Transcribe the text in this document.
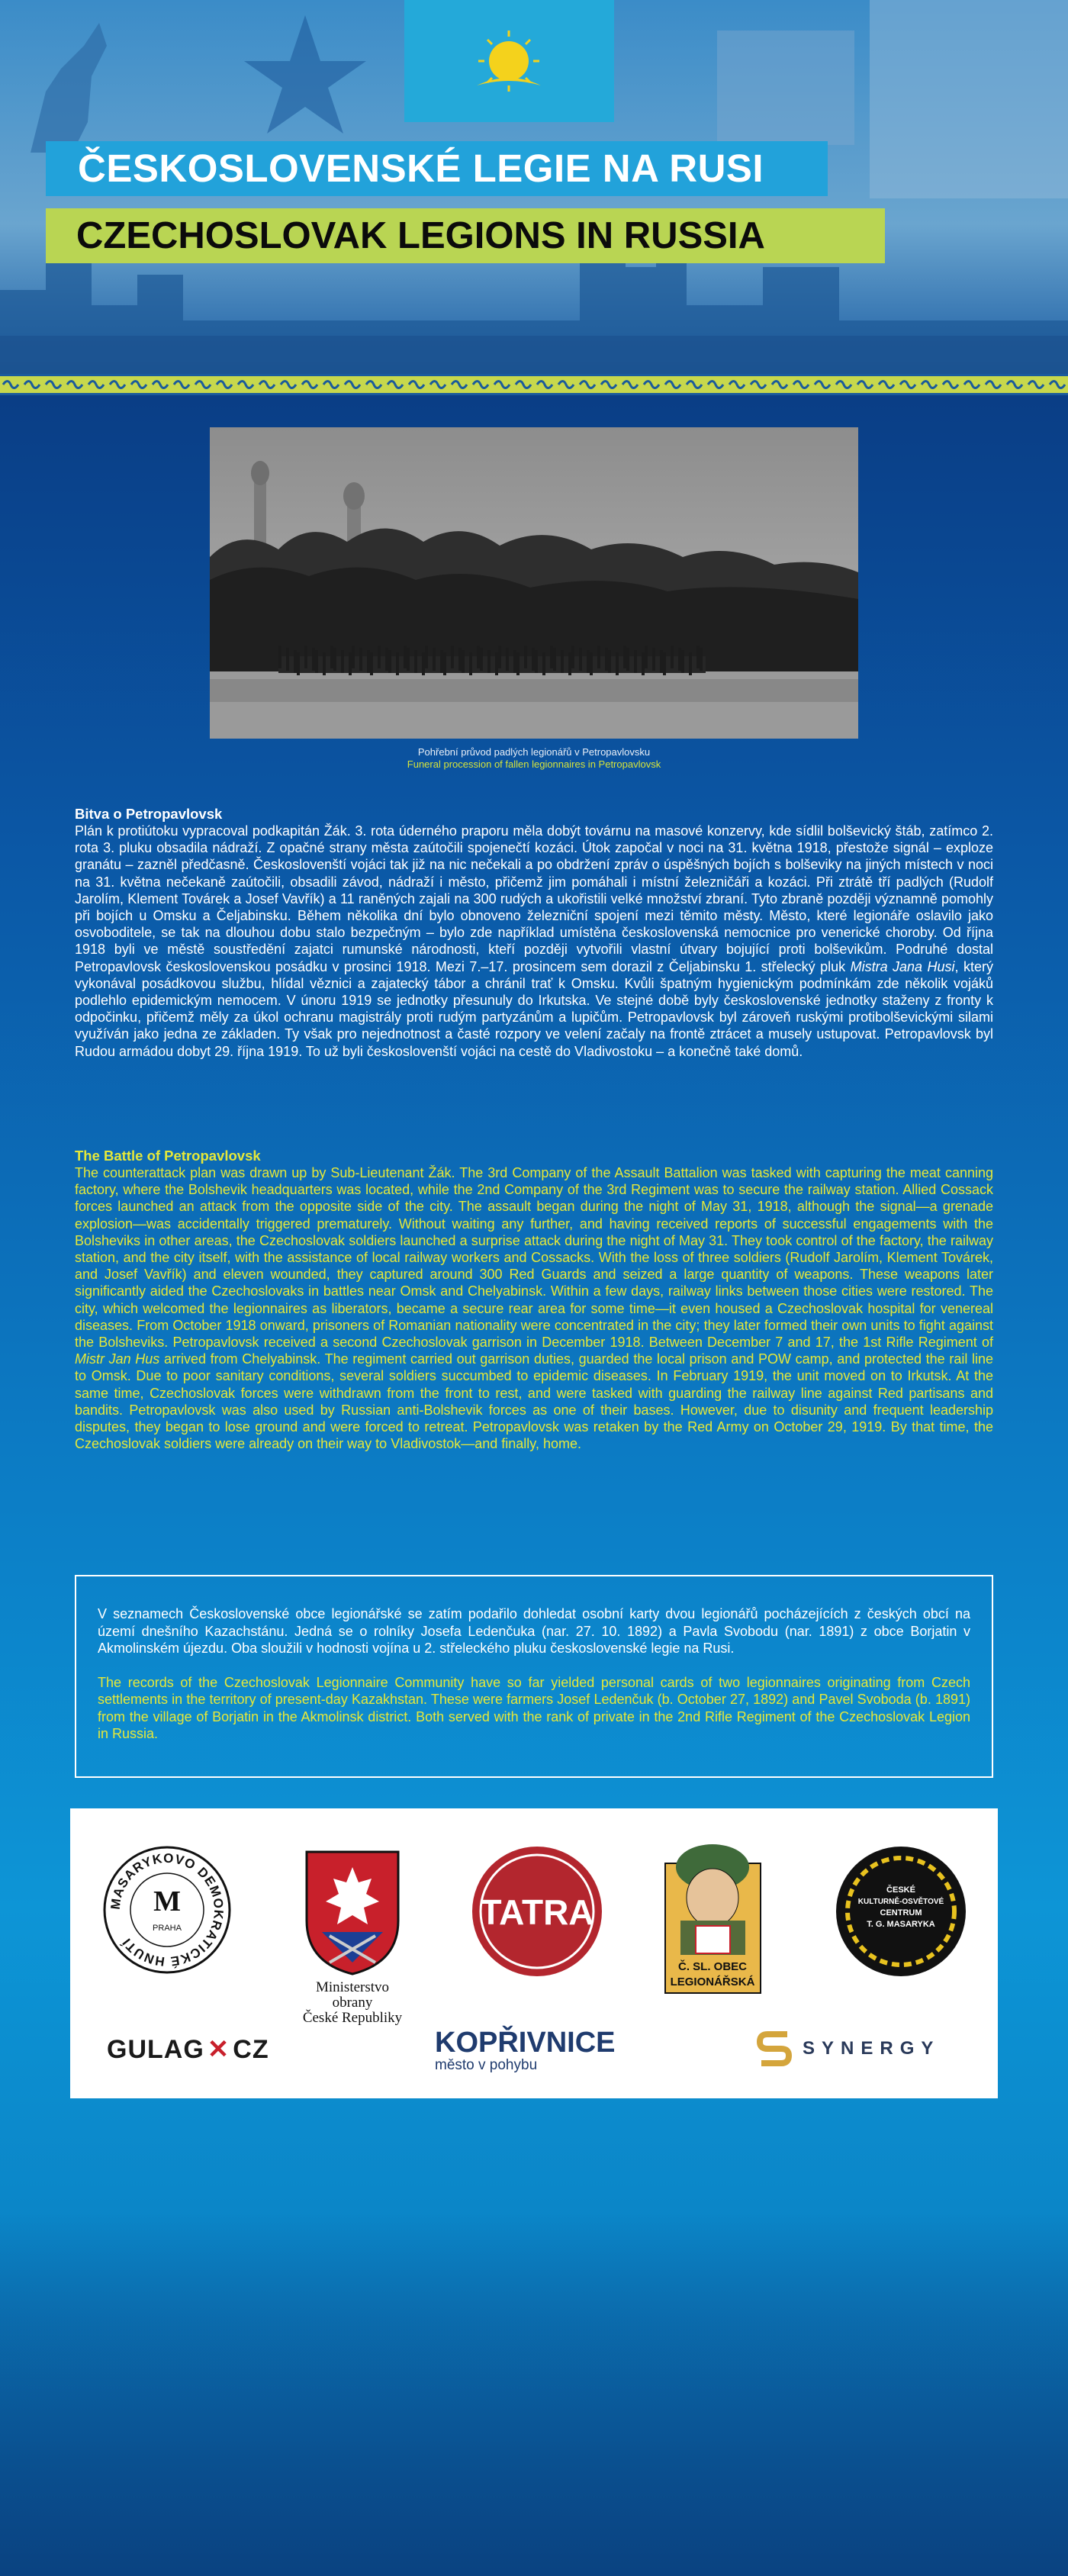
ČESKOSLOVENSKÉ LEGIE NA RUSI
CZECHOSLOVAK LEGIONS IN RUSSIA
Pohřební průvod padlých legionářů v Petropavlovsku
Funeral procession of fallen legionnaires in Petropavlovsk
Bitva o Petropavlovsk

Plán k protiútoku vypracoval podkapitán Žák. 3. rota úderného praporu měla dobýt továrnu na masové konzervy, kde sídlil bolševický štáb, zatímco 2. rota 3. pluku obsadila nádraží. Z opačné strany města zaútočili spojenečtí kozáci. Útok započal v noci na 31. května 1918, přestože signál – exploze granátu – zazněl předčasně. Českoslovenští vojáci tak již na nic nečekali a po obdržení zpráv o úspěšných bojích s bolševiky na jiných místech v noci na 31. května nečekaně zaútočili, obsadili závod, nádraží i město, přičemž jim pomáhali i místní železničáři a kozáci. Při ztrátě tří padlých (Rudolf Jarolím, Klement Továrek a Josef Vavřík) a 11 raněných zajali na 300 rudých a ukořistili velké množství zbraní. Tyto zbraně později významně pomohly při bojích u Omsku a Čeljabinsku. Během několika dní bylo obnoveno železniční spojení mezi těmito městy. Město, které legionáře oslavilo jako osvoboditele, se tak na dlouhou dobu stalo bezpečným – bylo zde například umístěna československá nemocnice pro venerické choroby. Od října 1918 byli ve městě soustředění zajatci rumunské národnosti, kteří později vytvořili vlastní útvary bojující proti bolševikům. Podruhé dostal Petropavlovsk československou posádku v prosinci 1918. Mezi 7.–17. prosincem sem dorazil z Čeljabinsku 1. střelecký pluk Mistra Jana Husi, který vykonával posádkovou službu, hlídal věznici a zajatecký tábor a chránil trať k Omsku. Kvůli špatným hygienickým podmínkám zde několik vojáků podlehlo epidemickým nemocem. V únoru 1919 se jednotky přesunuly do Irkutska. Ve stejné době byly československé jednotky staženy z fronty k odpočinku, přičemž měly za úkol ochranu magistrály proti rudým partyzánům a lupičům. Petropavlovsk byl zároveň ruskými protibolševickými silami využíván jako jedna ze základen. Ty však pro nejednotnost a časté rozpory ve velení začaly na frontě ztrácet a musely ustupovat. Petropavlovsk byl Rudou armádou dobyt 29. října 1919. To už byli českoslovenští vojáci na cestě do Vladivostoku – a konečně také domů.

The Battle of Petropavlovsk

The counterattack plan was drawn up by Sub-Lieutenant Žák. The 3rd Company of the Assault Battalion was tasked with capturing the meat canning factory, where the Bolshevik headquarters was located, while the 2nd Company of the 3rd Regiment was to secure the railway station. Allied Cossack forces launched an attack from the opposite side of the city. The assault began during the night of May 31, 1918, although the signal—a grenade explosion—was accidentally triggered prematurely. Without waiting any further, and having received reports of successful engagements with the Bolsheviks in other areas, the Czechoslovak soldiers launched a surprise attack during the night of May 31. They took control of the factory, the railway station, and the city itself, with the assistance of local railway workers and Cossacks. With the loss of three soldiers (Rudolf Jarolím, Klement Továrek, and Josef Vavřík) and eleven wounded, they captured around 300 Red Guards and seized a large quantity of weapons. These weapons later significantly aided the Czechoslovaks in battles near Omsk and Chelyabinsk. Within a few days, railway links between those cities were restored. The city, which welcomed the legionnaires as liberators, became a secure rear area for some time—it even housed a Czechoslovak hospital for venereal diseases. From October 1918 onward, prisoners of Romanian nationality were concentrated in the city; they later formed their own units to fight against the Bolsheviks. Petropavlovsk received a second Czechoslovak garrison in December 1918. Between December 7 and 17, the 1st Rifle Regiment of Mistr Jan Hus arrived from Chelyabinsk. The regiment carried out garrison duties, guarded the local prison and POW camp, and protected the rail line to Omsk. Due to poor sanitary conditions, several soldiers succumbed to epidemic diseases. In February 1919, the unit moved on to Irkutsk. At the same time, Czechoslovak forces were withdrawn from the front to rest, and were tasked with guarding the railway line against Red partisans and bandits. Petropavlovsk was also used by Russian anti-Bolshevik forces as one of their bases. However, due to disunity and frequent leadership disputes, they began to lose ground and were forced to retreat. Petropavlovsk was retaken by the Red Army on October 29, 1919. By that time, the Czechoslovak soldiers were already on their way to Vladivostok—and finally, home.

V seznamech Československé obce legionářské se zatím podařilo dohledat osobní karty dvou legionářů pocházejících z českých obcí na území dnešního Kazachstánu. Jedná se o rolníky Josefa Ledenčuka (nar. 27. 10. 1892) a Pavla Svobodu (nar. 1891) z obce Borjatin v Akmolinském újezdu. Oba sloužili v hodnosti vojína u 2. střeleckého pluku československé legie na Rusi.

The records of the Czechoslovak Legionnaire Community have so far yielded personal cards of two legionnaires originating from Czech settlements in the territory of present-day Kazakhstan. These were farmers Josef Ledenčuk (b. October 27, 1892) and Pavel Svoboda (b. 1891) from the village of Borjatin in the Akmolinsk district. Both served with the rank of private in the 2nd Rifle Regiment of the Czechoslovak Legion in Russia.

MASARYKOVO DEMOKRATICKÉ HNUTÍ
M
PRAHA
Ministerstvo obrany
České Republiky
TATRA
Č. SL. OBEC
LEGIONÁŘSKÁ
ČESKÉ
KULTURNĚ-OSVĚTOVÉ
CENTRUM
T. G. MASARYKA
GULAG ✕ CZ	KOPŘIVNICE
město v pohybu
SYNERGY
